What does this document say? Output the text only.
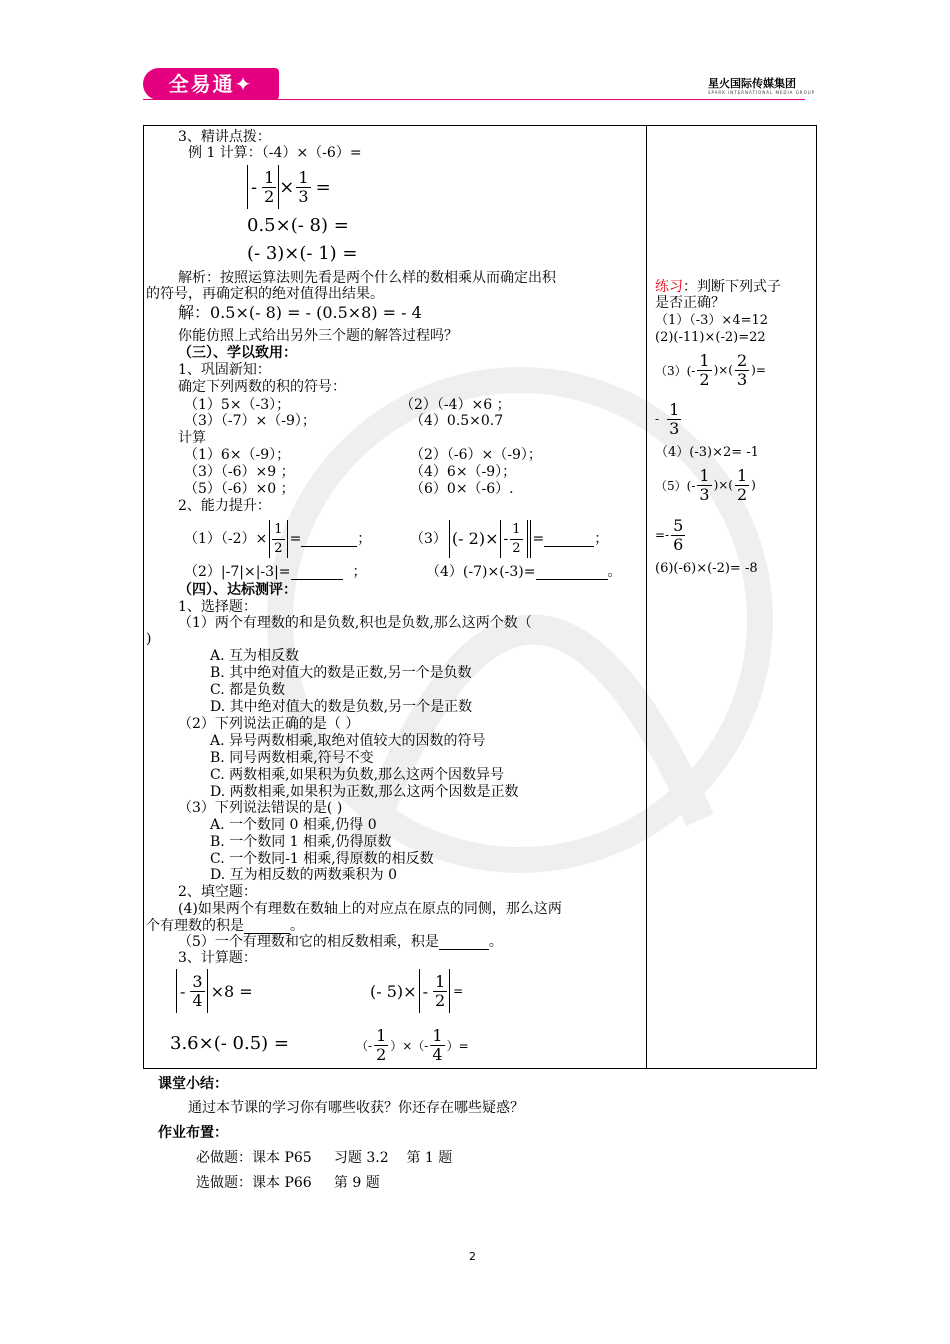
全易通✦	星火国际传媒集团
SPARK INTERNATIONAL MEDIA GROUP
3、精讲点拨：
例 1 计算：（-4）×（-6）=
- $\frac{1}{2} \times \frac{1}{3}$ =
0.5×(- 8) =
(- 3)×(- 1) =
解析：按照运算法则先看是两个什么样的数相乘从而确定出积
的符号，再确定积的绝对值得出结果。
解：0.5×(- 8) = - (0.5×8) = - 4
你能仿照上式给出另外三个题的解答过程吗？
（三）、学以致用：
1、巩固新知：
确定下列两数的积的符号：
（1）5×（-3）；	（2）（-4）×6 ；
（3）（-7）×（-9）；	（4）0.5×0.7
计算
（1）6×（-9）；	（2）（-6）×（-9）；
（3）（-6）×9 ；	（4）6×（-9）；
（5）（-6）×0 ；	（6）0×（-6）.
2、能力提升：
$(1)(-2)\times \frac{1}{2}$ =	；	（3） (- $2)\times - \frac{1}{2}$ =	；
（2）|-7|×|-3|=	；	（4）(-7)×(-3)=	。
（四）、达标测评：
1、选择题：
（1）两个有理数的和是负数,积也是负数,那么这两个数（
)
A. 互为相反数
B. 其中绝对值大的数是正数,另一个是负数
C. 都是负数
D. 其中绝对值大的数是负数,另一个是正数
（2）下列说法正确的是（ ）
A. 异号两数相乘,取绝对值较大的因数的符号
B. 同号两数相乘,符号不变
C. 两数相乘,如果积为负数,那么这两个因数异号
D. 两数相乘,如果积为正数,那么这两个因数是正数
（3）下列说法错误的是( )
A. 一个数同 0 相乘,仍得 0
B. 一个数同 1 相乘,仍得原数
C. 一个数同-1 相乘,得原数的相反数
D. 互为相反数的两数乘积为 0
2、填空题：
(4)如果两个有理数在数轴上的对应点在原点的同侧，那么这两
个有理数的积是	。
（5）一个有理数和它的相反数相乘，积是	。
3、计算题：
- $\frac{3}{4} \times 8$ =	(- $5)\times - \frac{1}{2}$ =
3.6×(- 0.5) =	（- $\frac{1}{2}$ ）×（- $\frac{1}{4}$ ）=
练习：判断下列式子
是否正确？
（1）（-3）×4=12
(2)(-11)×(-2)=22
$(3)(- \frac{1}{2}$ )×( $\frac{2}{3}$ )=
- $\frac{1}{3}$
（4）(-3)×2= -1
$(5)(- \frac{1}{3}$ )×( $\frac{1}{2}$ )
=- $\frac{5}{6}$
(6)(-6)×(-2)= -8
课堂小结：
通过本节课的学习你有哪些收获？你还存在哪些疑惑？
作业布置：
必做题：课本 P65     习题 3.2    第 1 题
选做题：课本 P66     第 9 题
2
